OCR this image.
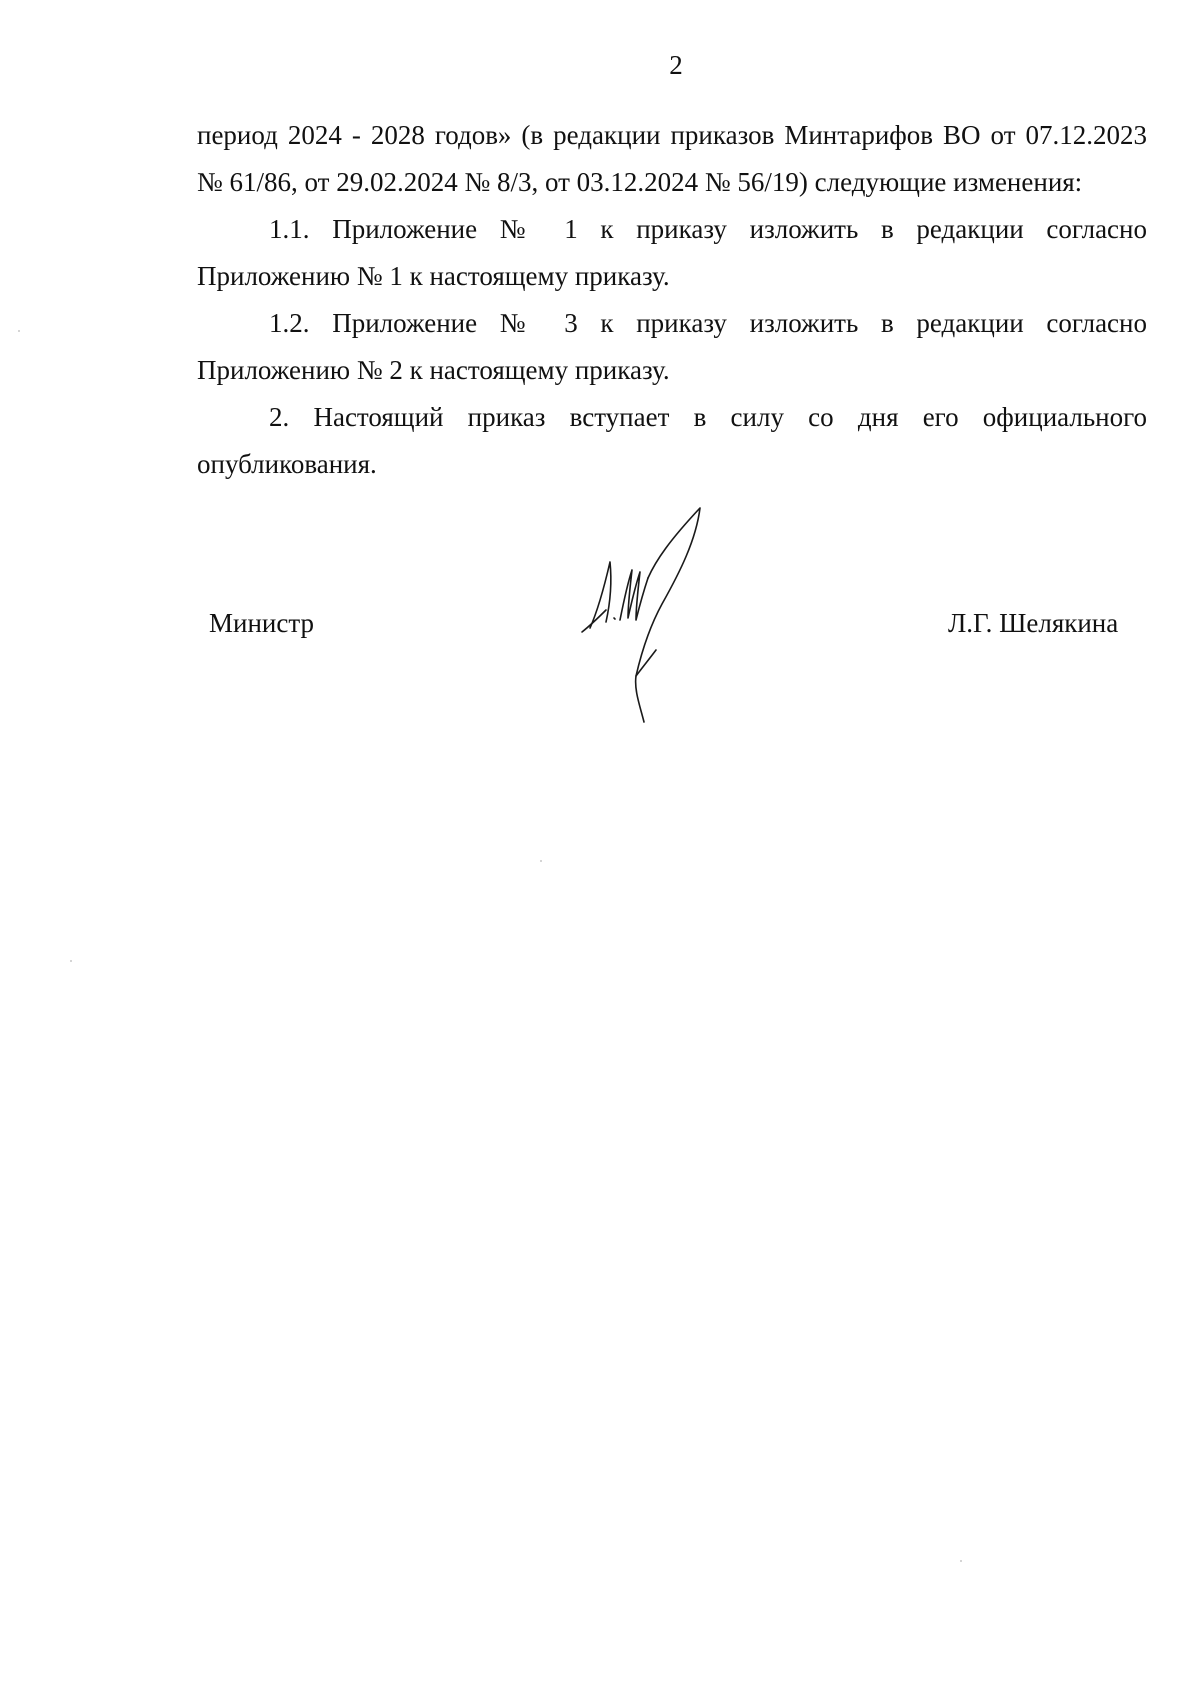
2

период 2024 - 2028 годов» (в редакции приказов Минтарифов ВО от 07.12.2023
№ 61/86, от 29.02.2024 № 8/3, от 03.12.2024 № 56/19) следующие изменения:

1.1. Приложение № 1 к приказу изложить в редакции согласно
Приложению № 1 к настоящему приказу.

1.2. Приложение № 3 к приказу изложить в редакции согласно
Приложению № 2 к настоящему приказу.

2. Настоящий приказ вступает в силу со дня его официального
опубликования.

Министр	Л.Г. Шелякина
